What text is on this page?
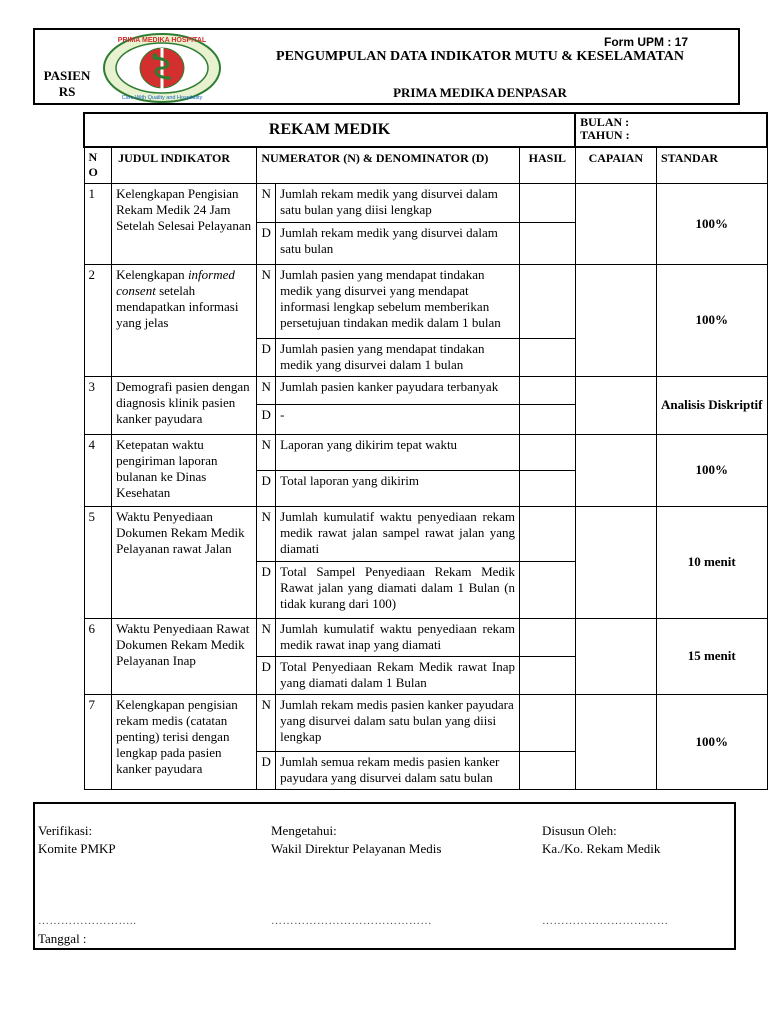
PRIMA MEDIKA HOSPITAL
Care With Quality and Hospitality
Form UPM : 17
PASIEN
RS
PENGUMPULAN DATA INDIKATOR MUTU & KESELAMATAN
PRIMA MEDIKA DENPASAR
REKAM MEDIK					BULAN :
TAHUN :	

N
O	JUDUL INDIKATOR	NUMERATOR (N) & DENOMINATOR (D)		HASIL	CAPAIAN	STANDAR
1	Kelengkapan Pengisian Rekam Medik 24 Jam Setelah Selesai Pelayanan	N	Jumlah rekam medik yang disurvei dalam satu bulan yang diisi lengkap			100%
		D	Jumlah rekam medik yang disurvei dalam satu bulan			
2	Kelengkapan informed consent setelah mendapatkan informasi yang jelas	N	Jumlah pasien yang mendapat tindakan medik yang disurvei yang mendapat informasi lengkap sebelum memberikan persetujuan tindakan medik dalam 1 bulan			100%
		D	Jumlah pasien yang mendapat tindakan medik yang disurvei dalam 1 bulan			
3	Demografi pasien dengan diagnosis klinik pasien kanker payudara	N	Jumlah pasien kanker payudara terbanyak			Analisis Diskriptif
		D	-			
4	Ketepatan waktu pengiriman laporan bulanan ke Dinas Kesehatan	N	Laporan yang dikirim tepat waktu			100%
		D	Total laporan yang dikirim			
5	Waktu Penyediaan Dokumen Rekam Medik Pelayanan rawat Jalan	N	Jumlah kumulatif waktu penyediaan rekam medik rawat jalan sampel rawat jalan yang diamati			10 menit
		D	Total Sampel Penyediaan Rekam Medik Rawat jalan yang diamati dalam 1 Bulan (n tidak kurang dari 100)			
6	Waktu Penyediaan Rawat Dokumen Rekam Medik Pelayanan Inap	N	Jumlah kumulatif waktu penyediaan rekam medik rawat inap yang diamati			15 menit
		D	Total Penyediaan Rekam Medik rawat Inap yang diamati dalam 1 Bulan			
7	Kelengkapan pengisian rekam medis (catatan penting) terisi dengan lengkap pada pasien kanker payudara	N	Jumlah rekam medis pasien kanker payudara yang disurvei dalam satu bulan yang diisi lengkap			100%
		D	Jumlah semua rekam medis pasien kanker payudara yang disurvei dalam satu bulan			
Verifikasi:
Komite PMKP
Mengetahui:
Wakil Direktur Pelayanan Medis
Disusun Oleh:
Ka./Ko. Rekam Medik
……………………..	……………………………………	……………………………
Tanggal :
